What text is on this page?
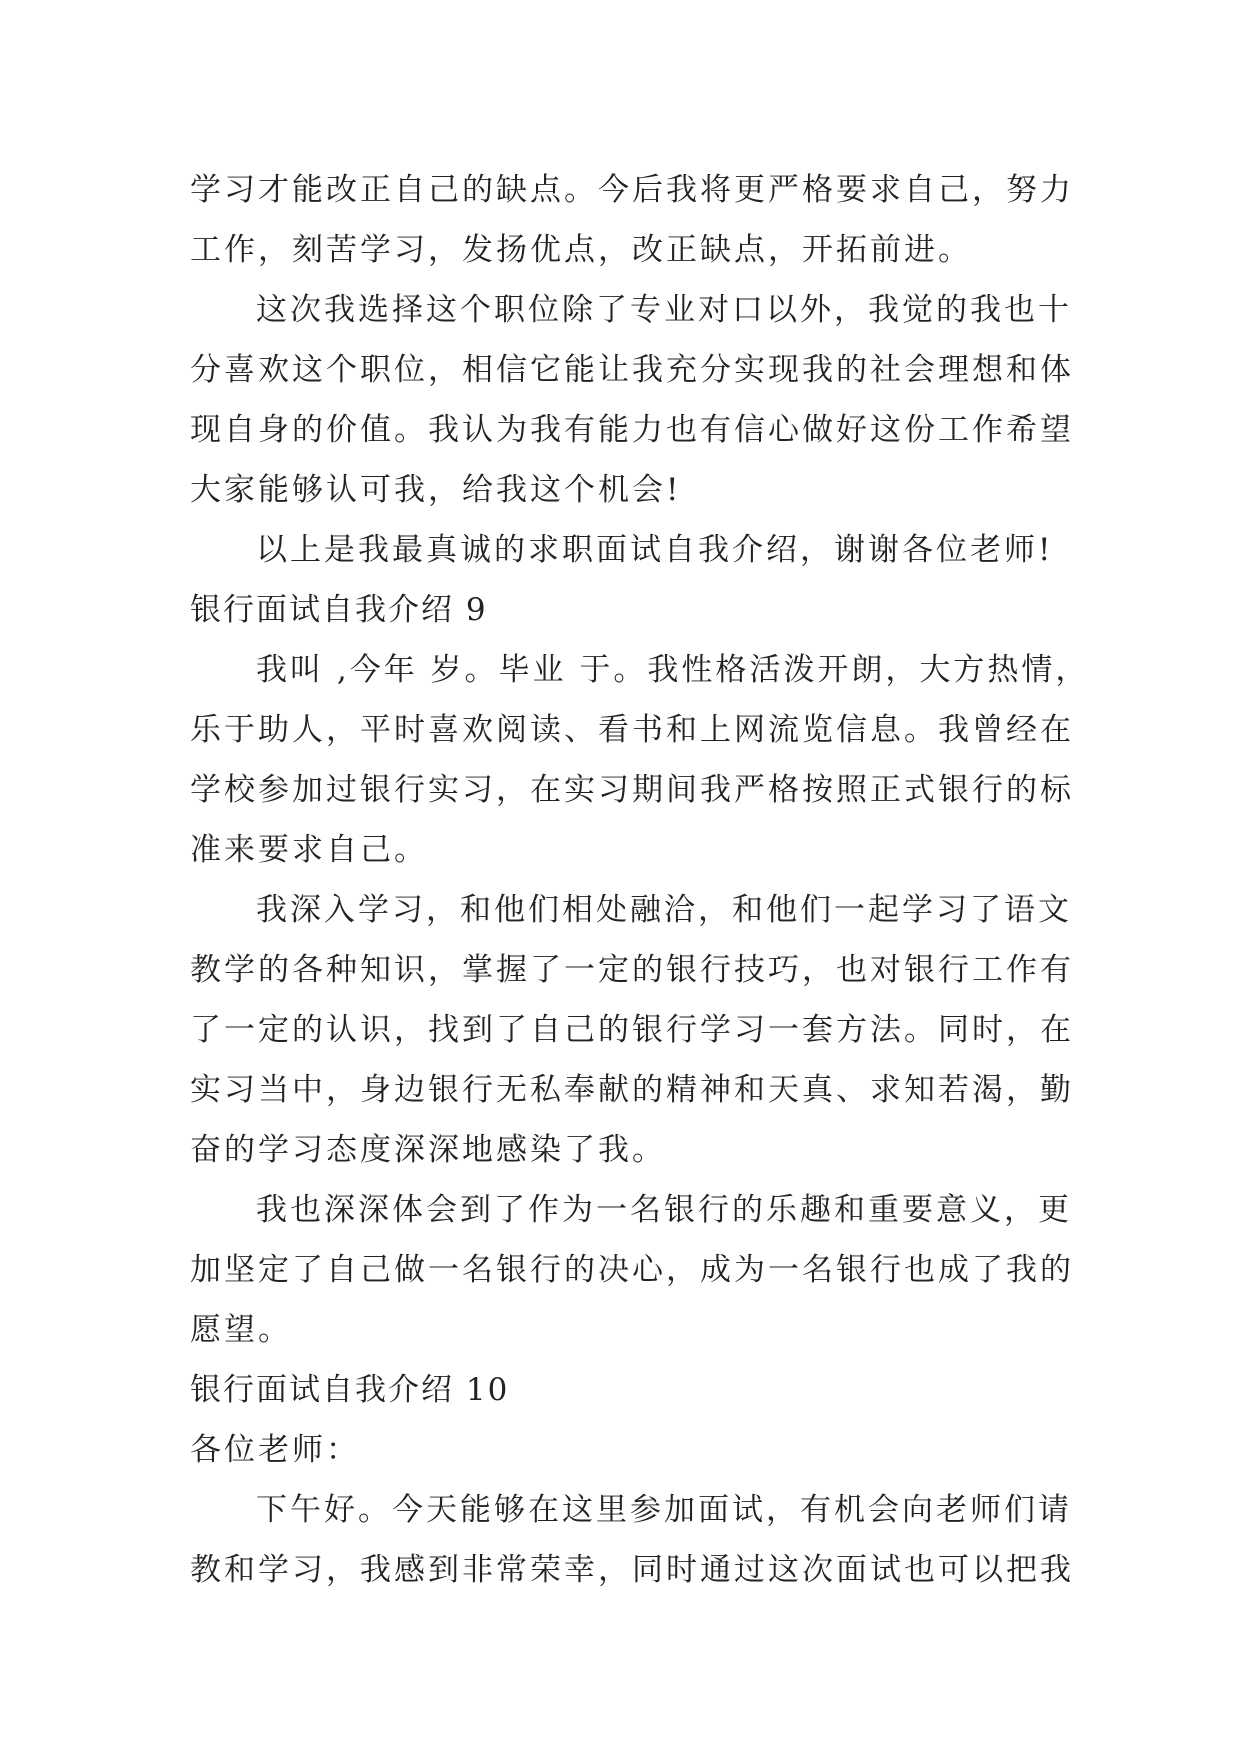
学习才能改正自己的缺点。今后我将更严格要求自己，努力
工作，刻苦学习，发扬优点，改正缺点，开拓前进。
这次我选择这个职位除了专业对口以外，我觉的我也十
分喜欢这个职位，相信它能让我充分实现我的社会理想和体
现自身的价值。我认为我有能力也有信心做好这份工作希望
大家能够认可我，给我这个机会!
以上是我最真诚的求职面试自我介绍，谢谢各位老师!
银行面试自我介绍 9
我叫 ,今年 岁。毕业 于。我性格活泼开朗，大方热情，
乐于助人，平时喜欢阅读、看书和上网流览信息。我曾经在
学校参加过银行实习，在实习期间我严格按照正式银行的标
准来要求自己。
我深入学习，和他们相处融洽，和他们一起学习了语文
教学的各种知识，掌握了一定的银行技巧，也对银行工作有
了一定的认识，找到了自己的银行学习一套方法。同时，在
实习当中，身边银行无私奉献的精神和天真、求知若渴，勤
奋的学习态度深深地感染了我。
我也深深体会到了作为一名银行的乐趣和重要意义，更
加坚定了自己做一名银行的决心，成为一名银行也成了我的
愿望。
银行面试自我介绍 10
各位老师：
下午好。今天能够在这里参加面试，有机会向老师们请
教和学习，我感到非常荣幸，同时通过这次面试也可以把我
